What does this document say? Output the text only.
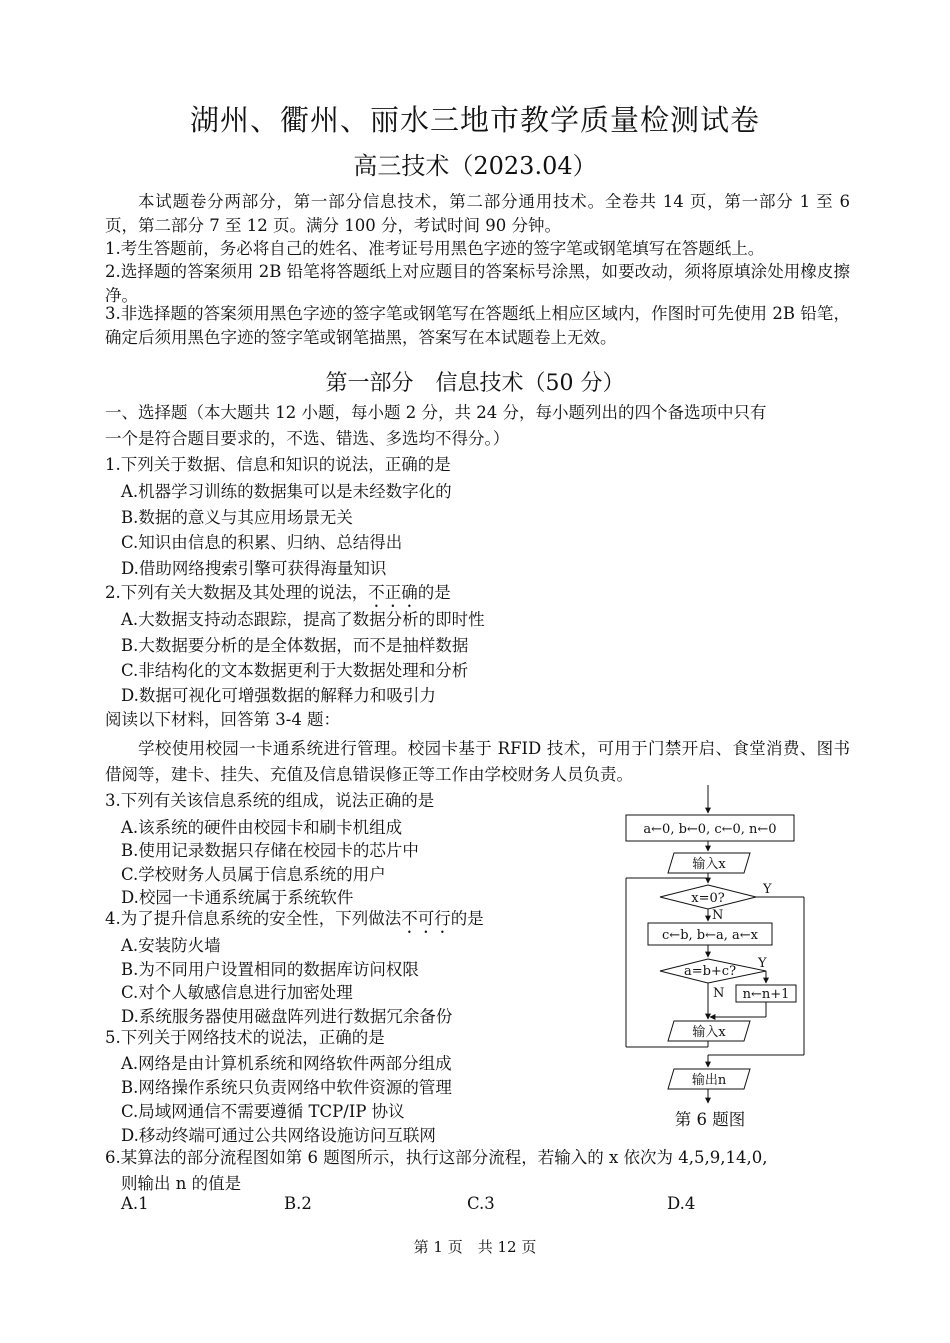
湖州、衢州、丽水三地市教学质量检测试卷
高三技术（2023.04）
本试题卷分两部分，第一部分信息技术，第二部分通用技术。全卷共 14 页，第一部分 1 至 6 页，第二部分 7 至 12 页。满分 100 分，考试时间 90 分钟。
1.考生答题前，务必将自己的姓名、准考证号用黑色字迹的签字笔或钢笔填写在答题纸上。
2.选择题的答案须用 2B 铅笔将答题纸上对应题目的答案标号涂黑，如要改动，须将原填涂处用橡皮擦净。
3.非选择题的答案须用黑色字迹的签字笔或钢笔写在答题纸上相应区域内，作图时可先使用 2B 铅笔，确定后须用黑色字迹的签字笔或钢笔描黑，答案写在本试题卷上无效。
第一部分　信息技术（50 分）
一、选择题（本大题共 12 小题，每小题 2 分，共 24 分，每小题列出的四个备选项中只有
一个是符合题目要求的，不选、错选、多选均不得分。）
1.下列关于数据、信息和知识的说法，正确的是
A.机器学习训练的数据集可以是未经数字化的
B.数据的意义与其应用场景无关
C.知识由信息的积累、归纳、总结得出
D.借助网络搜索引擎可获得海量知识
2.下列有关大数据及其处理的说法，不正确的是
A.大数据支持动态跟踪，提高了数据分析的即时性
B.大数据要分析的是全体数据，而不是抽样数据
C.非结构化的文本数据更利于大数据处理和分析
D.数据可视化可增强数据的解释力和吸引力
阅读以下材料，回答第 3-4 题：
学校使用校园一卡通系统进行管理。校园卡基于 RFID 技术，可用于门禁开启、食堂消费、图书借阅等，建卡、挂失、充值及信息错误修正等工作由学校财务人员负责。
3.下列有关该信息系统的组成，说法正确的是
A.该系统的硬件由校园卡和刷卡机组成
B.使用记录数据只存储在校园卡的芯片中
C.学校财务人员属于信息系统的用户
D.校园一卡通系统属于系统软件
4.为了提升信息系统的安全性，下列做法不可行的是
A.安装防火墙
B.为不同用户设置相同的数据库访问权限
C.对个人敏感信息进行加密处理
D.系统服务器使用磁盘阵列进行数据冗余备份
5.下列关于网络技术的说法，正确的是
A.网络是由计算机系统和网络软件两部分组成
B.网络操作系统只负责网络中软件资源的管理
C.局域网通信不需要遵循 TCP/IP 协议
D.移动终端可通过公共网络设施访问互联网
a←0, b←0, c←0, n←0
输入x
x=0?
Y
N
c←b, b←a, a←x
a=b+c?
Y
N n←n+1
输入x
输出n
第 6 题图
6.某算法的部分流程图如第 6 题图所示，执行这部分流程，若输入的 x 依次为 4,5,9,14,0,
则输出 n 的值是
A.1	B.2	C.3	D.4
第 1 页　共 12 页
